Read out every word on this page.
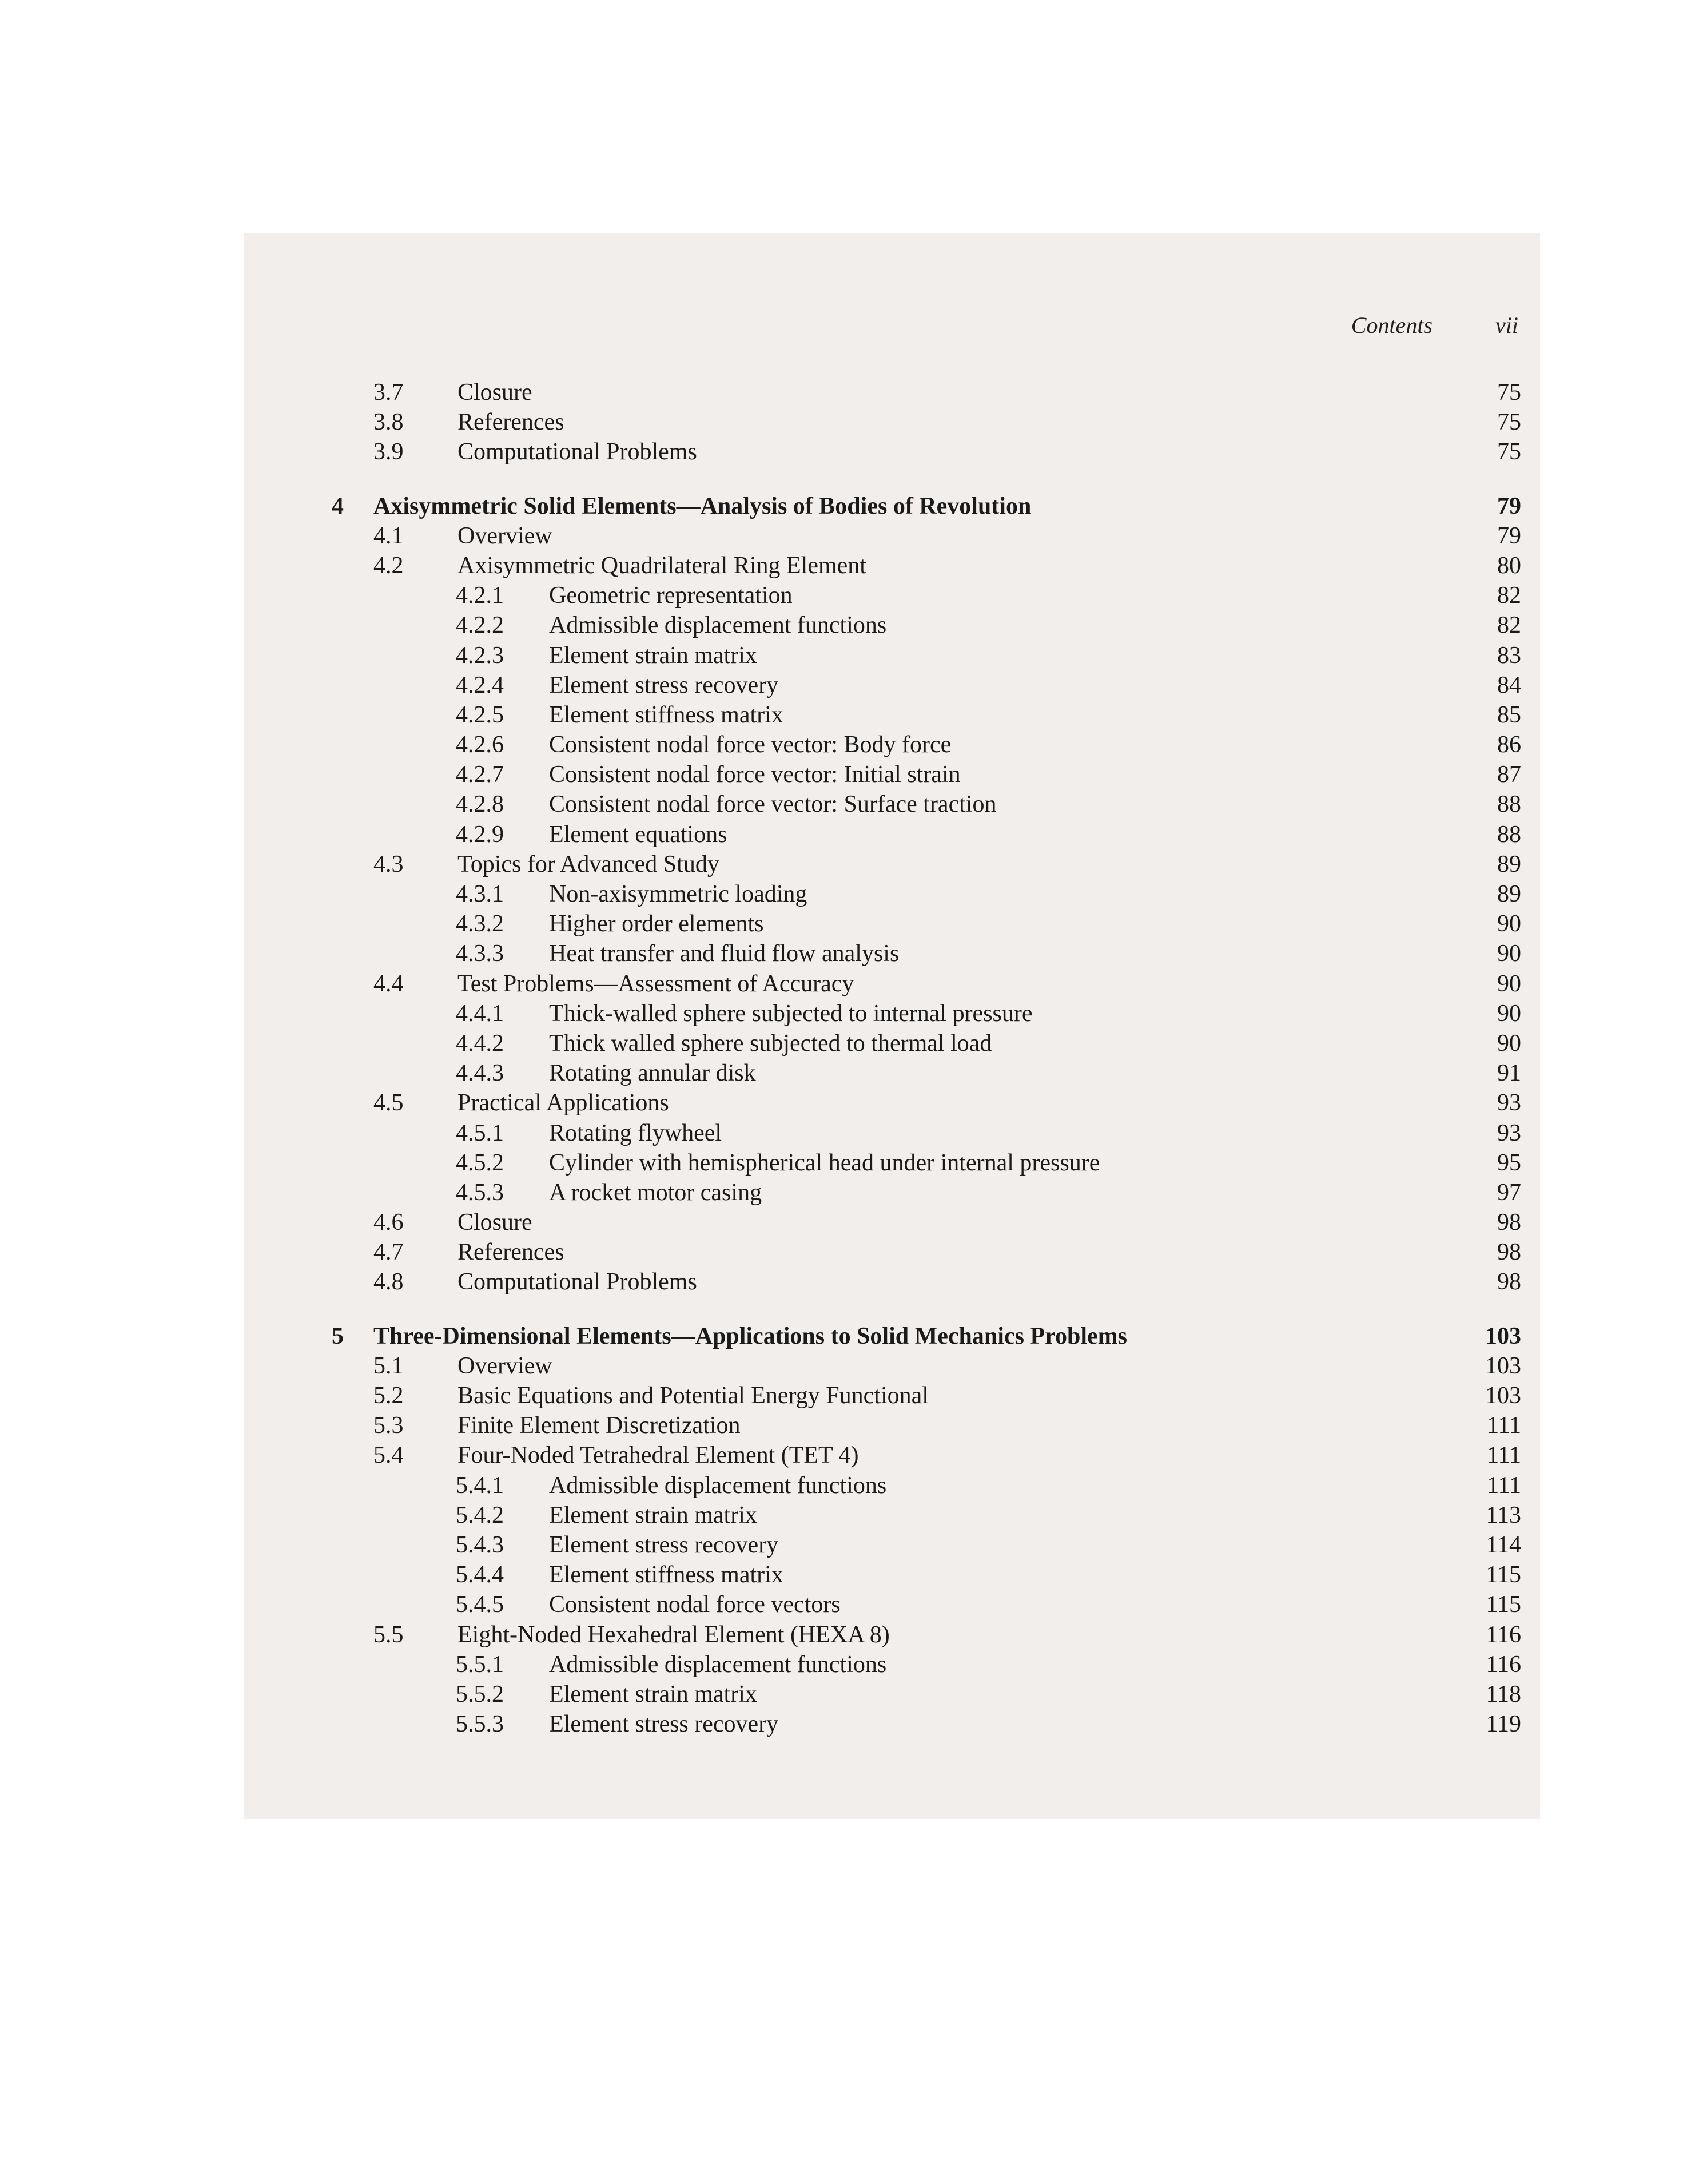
Contents	vii
3.7 Closure	75
3.8 References	75
3.9 Computational Problems	75
4 Axisymmetric Solid Elements—Analysis of Bodies of Revolution	79
4.1 Overview	79
4.2 Axisymmetric Quadrilateral Ring Element	80
4.2.1 Geometric representation	82
4.2.2 Admissible displacement functions	82
4.2.3 Element strain matrix	83
4.2.4 Element stress recovery	84
4.2.5 Element stiffness matrix	85
4.2.6 Consistent nodal force vector: Body force	86
4.2.7 Consistent nodal force vector: Initial strain	87
4.2.8 Consistent nodal force vector: Surface traction	88
4.2.9 Element equations	88
4.3 Topics for Advanced Study	89
4.3.1 Non-axisymmetric loading	89
4.3.2 Higher order elements	90
4.3.3 Heat transfer and fluid flow analysis	90
4.4 Test Problems—Assessment of Accuracy	90
4.4.1 Thick-walled sphere subjected to internal pressure	90
4.4.2 Thick walled sphere subjected to thermal load	90
4.4.3 Rotating annular disk	91
4.5 Practical Applications	93
4.5.1 Rotating flywheel	93
4.5.2 Cylinder with hemispherical head under internal pressure	95
4.5.3 A rocket motor casing	97
4.6 Closure	98
4.7 References	98
4.8 Computational Problems	98
5 Three-Dimensional Elements—Applications to Solid Mechanics Problems	103
5.1 Overview	103
5.2 Basic Equations and Potential Energy Functional	103
5.3 Finite Element Discretization	111
5.4 Four-Noded Tetrahedral Element (TET 4)	111
5.4.1 Admissible displacement functions	111
5.4.2 Element strain matrix	113
5.4.3 Element stress recovery	114
5.4.4 Element stiffness matrix	115
5.4.5 Consistent nodal force vectors	115
5.5 Eight-Noded Hexahedral Element (HEXA 8)	116
5.5.1 Admissible displacement functions	116
5.5.2 Element strain matrix	118
5.5.3 Element stress recovery	119
